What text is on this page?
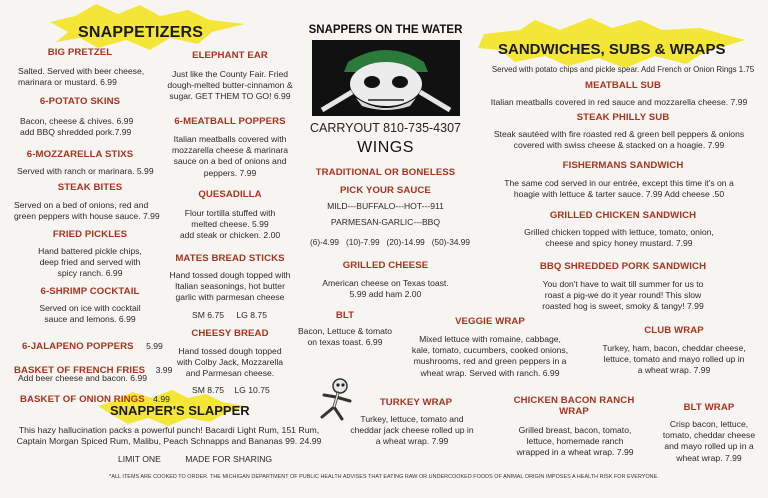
SNAPPETIZERS
BIG PRETZEL
Salted. Served with beer cheese,
marinara or mustard. 6.99
6-POTATO SKINS
Bacon, cheese & chives. 6.99
add BBQ shredded pork.7.99
6-MOZZARELLA STIXS
Served with ranch or marinara. 5.99
STEAK BITES
Served on a bed of onions, red and
green peppers with house sauce. 7.99
FRIED PICKLES
Hand battered pickle chips,
deep fried and served with
spicy ranch. 6.99
6-SHRIMP COCKTAIL
Served on ice with cocktail
sauce and lemons. 6.99
6-JALAPENO POPPERS 5.99
BASKET OF FRENCH FRIES 3.99
Add beer cheese and bacon. 6.99
BASKET OF ONION RINGS 4.99
ELEPHANT EAR
Just like the County Fair. Fried
dough-melted butter-cinnamon &
sugar. GET THEM TO GO! 6.99
6-MEATBALL POPPERS
Italian meatballs covered with
mozzarella cheese & marinara
sauce on a bed of onions and
peppers. 7.99
QUESADILLA
Flour tortilla stuffed with
melted cheese. 5.99
add steak or chicken. 2.00
MATES BREAD STICKS
Hand tossed dough topped with
Italian seasonings, hot butter
garlic with parmesan cheese
SM 6.75 LG 8.75
CHEESY BREAD
Hand tossed dough topped
with Colby Jack, Mozzarella
and Parmesan cheese.
SM 8.75 LG 10.75
SNAPPER'S SLAPPER
This hazy hallucination packs a powerful punch! Bacardi Light Rum, 151 Rum,
Captain Morgan Spiced Rum, Malibu, Peach Schnapps and Bananas 99. 24.99
LIMIT ONE	MADE FOR SHARING
SNAPPERS ON THE WATER
CARRYOUT 810-735-4307
WINGS
TRADITIONAL OR BONELESS
PICK YOUR SAUCE
MILD---BUFFALO---HOT---911
PARMESAN-GARLIC---BBQ
(6)-4.99 (10)-7.99 (20)-14.99 (50)-34.99
GRILLED CHEESE
American cheese on Texas toast.
5.99 add ham 2.00
BLT
Bacon, Lettuce & tomato
on texas toast. 6.99
VEGGIE WRAP
Mixed lettuce with romaine, cabbage,
kale, tomato, cucumbers, cooked onions,
mushrooms, red and green peppers in a
wheat wrap. Served with ranch. 6.99
TURKEY WRAP
Turkey, lettuce, tomato and
cheddar jack cheese rolled up in
a wheat wrap. 7.99
CHICKEN BACON RANCH
WRAP
Grilled breast, bacon, tomato,
lettuce, homemade ranch
wrapped in a wheat wrap. 7.99
SANDWICHES, SUBS & WRAPS
Served with potato chips and pickle spear. Add French or Onion Rings 1.75
MEATBALL SUB
Italian meatballs covered in red sauce and mozzarella cheese. 7.99
STEAK PHILLY SUB
Steak sautéed with fire roasted red & green bell peppers & onions
covered with swiss cheese & stacked on a hoagie. 7.99
FISHERMANS SANDWICH
The same cod served in our entrée, except this time it's on a
hoagie with lettuce & tarter sauce. 7.99 Add cheese .50
GRILLED CHICKEN SANDWICH
Grilled chicken topped with lettuce, tomato, onion,
cheese and spicy honey mustard. 7.99
BBQ SHREDDED PORK SANDWICH
You don't have to wait till summer for us to
roast a pig-we do it year round! This slow
roasted hog is sweet, smoky & tangy! 7.99
CLUB WRAP
Turkey, ham, bacon, cheddar cheese,
lettuce, tomato and mayo rolled up in
a wheat wrap. 7.99
BLT WRAP
Crisp bacon, lettuce,
tomato, cheddar cheese
and mayo rolled up in a
wheat wrap. 7.99
*ALL ITEMS ARE COOKED TO ORDER. THE MICHIGAN DEPARTMENT OF PUBLIC HEALTH ADVISES THAT EATING RAW OR UNDERCOOKED FOODS OF ANIMAL ORIGIN IMPOSES A HEALTH RISK FOR EVERYONE.
